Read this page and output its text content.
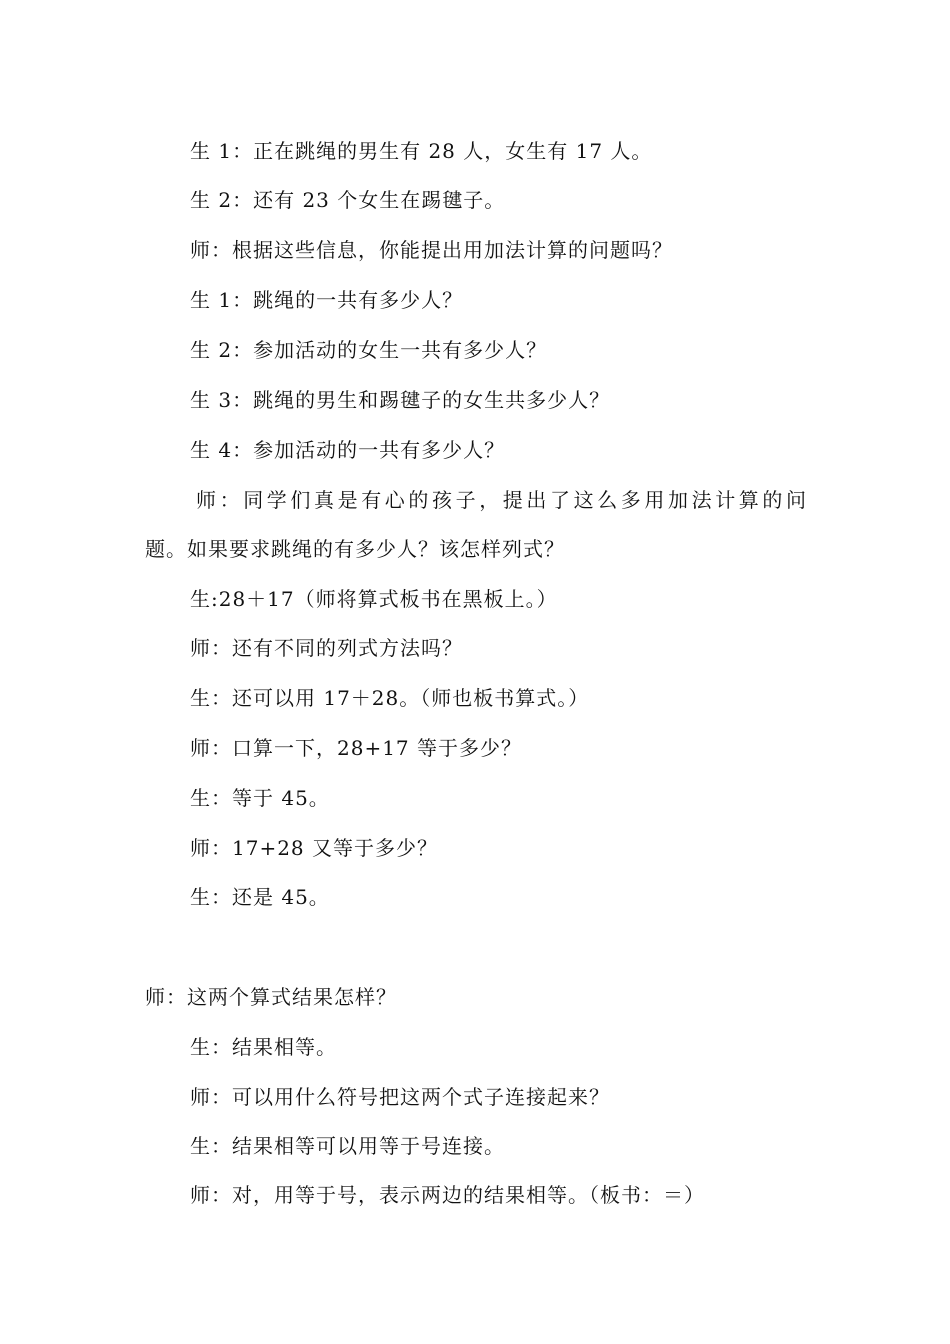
生 1：正在跳绳的男生有 28 人，女生有 17 人。
生 2：还有 23 个女生在踢毽子。
师：根据这些信息，你能提出用加法计算的问题吗？
生 1：跳绳的一共有多少人？
生 2：参加活动的女生一共有多少人？
生 3：跳绳的男生和踢毽子的女生共多少人？
生 4：参加活动的一共有多少人？
师：同学们真是有心的孩子，提出了这么多用加法计算的问
题。如果要求跳绳的有多少人？该怎样列式？
生:28＋17（师将算式板书在黑板上。）
师：还有不同的列式方法吗？
生：还可以用 17＋28。（师也板书算式。）
师：口算一下，28+17 等于多少？
生：等于 45。
师：17+28 又等于多少？
生：还是 45。
师：这两个算式结果怎样？
生：结果相等。
师：可以用什么符号把这两个式子连接起来？
生：结果相等可以用等于号连接。
师：对，用等于号，表示两边的结果相等。（板书：＝）
